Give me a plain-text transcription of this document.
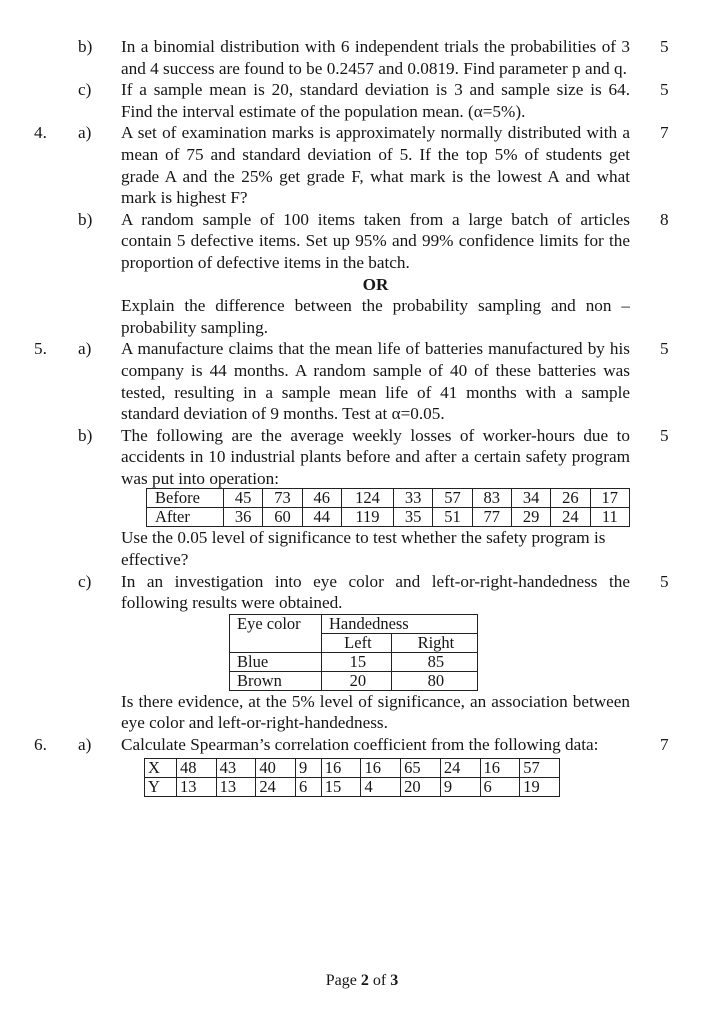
b) In a binomial distribution with 6 independent trials the probabilities of 3 and 4 success are found to be 0.2457 and 0.0819. Find parameter p and q.
5
c) If a sample mean is 20, standard deviation is 3 and sample size is 64. Find the interval estimate of the population mean. (α=5%).
5
4. a) A set of examination marks is approximately normally distributed with a mean of 75 and standard deviation of 5. If the top 5% of students get grade A and the 25% get grade F, what mark is the lowest A and what mark is highest F?
7
b) A random sample of 100 items taken from a large batch of articles contain 5 defective items. Set up 95% and 99% confidence limits for the proportion of defective items in the batch.
8
OR
Explain the difference between the probability sampling and non – probability sampling.
5. a) A manufacture claims that the mean life of batteries manufactured by his company is 44 months. A random sample of 40 of these batteries was tested, resulting in a sample mean life of 41 months with a sample standard deviation of 9 months. Test at α=0.05.
5
b) The following are the average weekly losses of worker-hours due to accidents in 10 industrial plants before and after a certain safety program was put into operation:
5
Before	45	73	46	124	33	57	83	34	26	17
After	36	60	44	119	35	51	77	29	24	11
Use the 0.05 level of significance to test whether the safety program is effective?
c) In an investigation into eye color and left-or-right-handedness the following results were obtained.
5
Eye color	Handedness	
	Left	Right
Blue	15	85
Brown	20	80
Is there evidence, at the 5% level of significance, an association between eye color and left-or-right-handedness.
6. a) Calculate Spearman’s correlation coefficient from the following data:	7
X	48	43	40	9	16	16	65	24	16	57
Y	13	13	24	6	15	4	20	9	6	19
Page 2 of 3
